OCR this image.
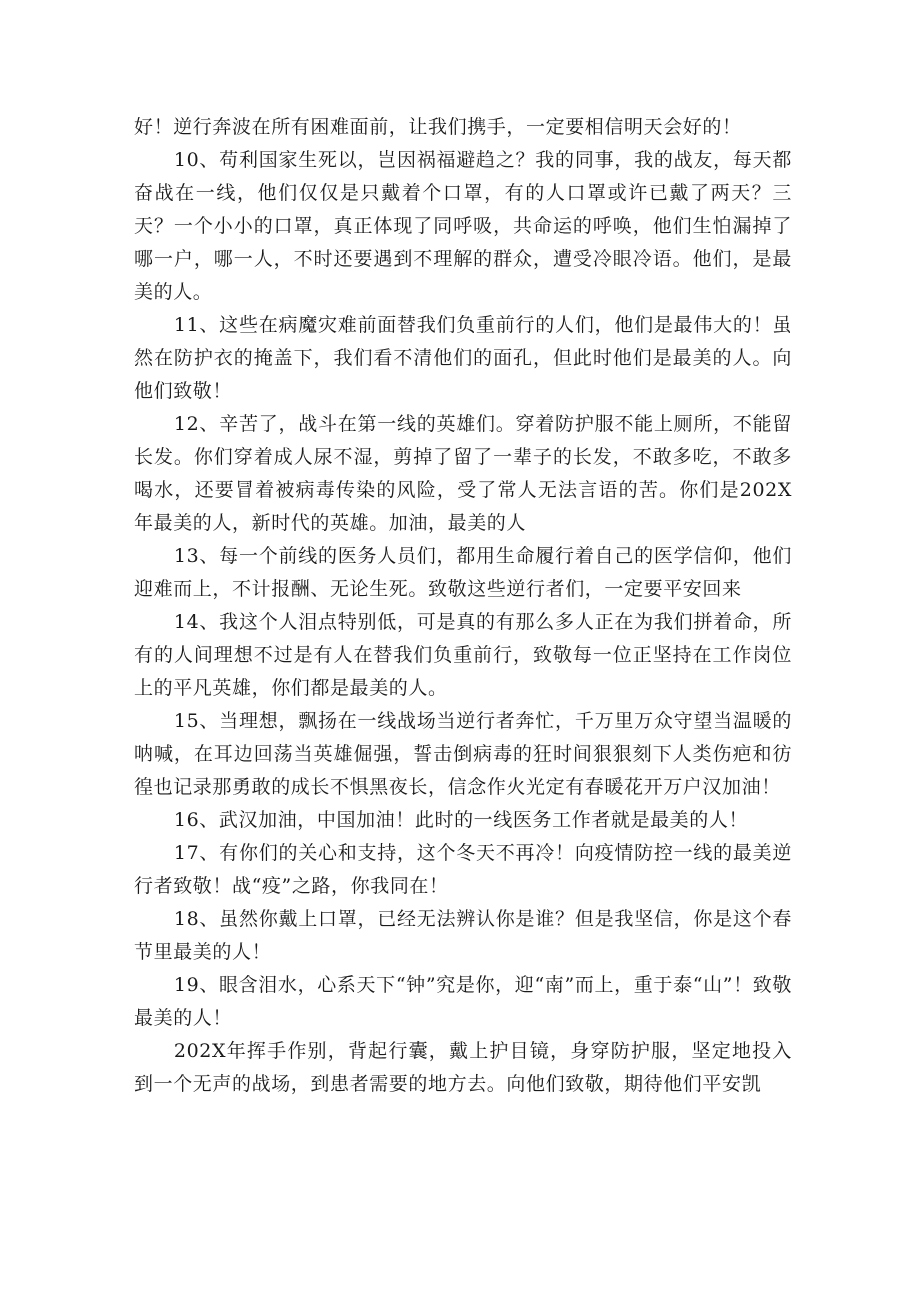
好！逆行奔波在所有困难面前，让我们携手，一定要相信明天会好的！

10、苟利国家生死以，岂因祸福避趋之？我的同事，我的战友，每天都奋战在一线，他们仅仅是只戴着个口罩，有的人口罩或许已戴了两天？三天？一个小小的口罩，真正体现了同呼吸，共命运的呼唤，他们生怕漏掉了哪一户，哪一人，不时还要遇到不理解的群众，遭受冷眼冷语。他们，是最美的人。

11、这些在病魔灾难前面替我们负重前行的人们，他们是最伟大的！虽然在防护衣的掩盖下，我们看不清他们的面孔，但此时他们是最美的人。向他们致敬！

12、辛苦了，战斗在第一线的英雄们。穿着防护服不能上厕所，不能留长发。你们穿着成人尿不湿，剪掉了留了一辈子的长发，不敢多吃，不敢多喝水，还要冒着被病毒传染的风险，受了常人无法言语的苦。你们是202X年最美的人，新时代的英雄。加油，最美的人

13、每一个前线的医务人员们，都用生命履行着自己的医学信仰，他们迎难而上，不计报酬、无论生死。致敬这些逆行者们，一定要平安回来

14、我这个人泪点特别低，可是真的有那么多人正在为我们拼着命，所有的人间理想不过是有人在替我们负重前行，致敬每一位正坚持在工作岗位上的平凡英雄，你们都是最美的人。

15、当理想，飘扬在一线战场当逆行者奔忙，千万里万众守望当温暖的呐喊，在耳边回荡当英雄倔强，誓击倒病毒的狂时间狠狠刻下人类伤疤和彷徨也记录那勇敢的成长不惧黑夜长，信念作火光定有春暖花开万户汉加油！

16、武汉加油，中国加油！此时的一线医务工作者就是最美的人！

17、有你们的关心和支持，这个冬天不再冷！向疫情防控一线的最美逆行者致敬！战“疫”之路，你我同在！

18、虽然你戴上口罩，已经无法辨认你是谁？但是我坚信，你是这个春节里最美的人！

19、眼含泪水，心系天下“钟”究是你，迎“南”而上，重于泰“山”！致敬最美的人！

202X年挥手作别，背起行囊，戴上护目镜，身穿防护服，坚定地投入到一个无声的战场，到患者需要的地方去。向他们致敬，期待他们平安凯
